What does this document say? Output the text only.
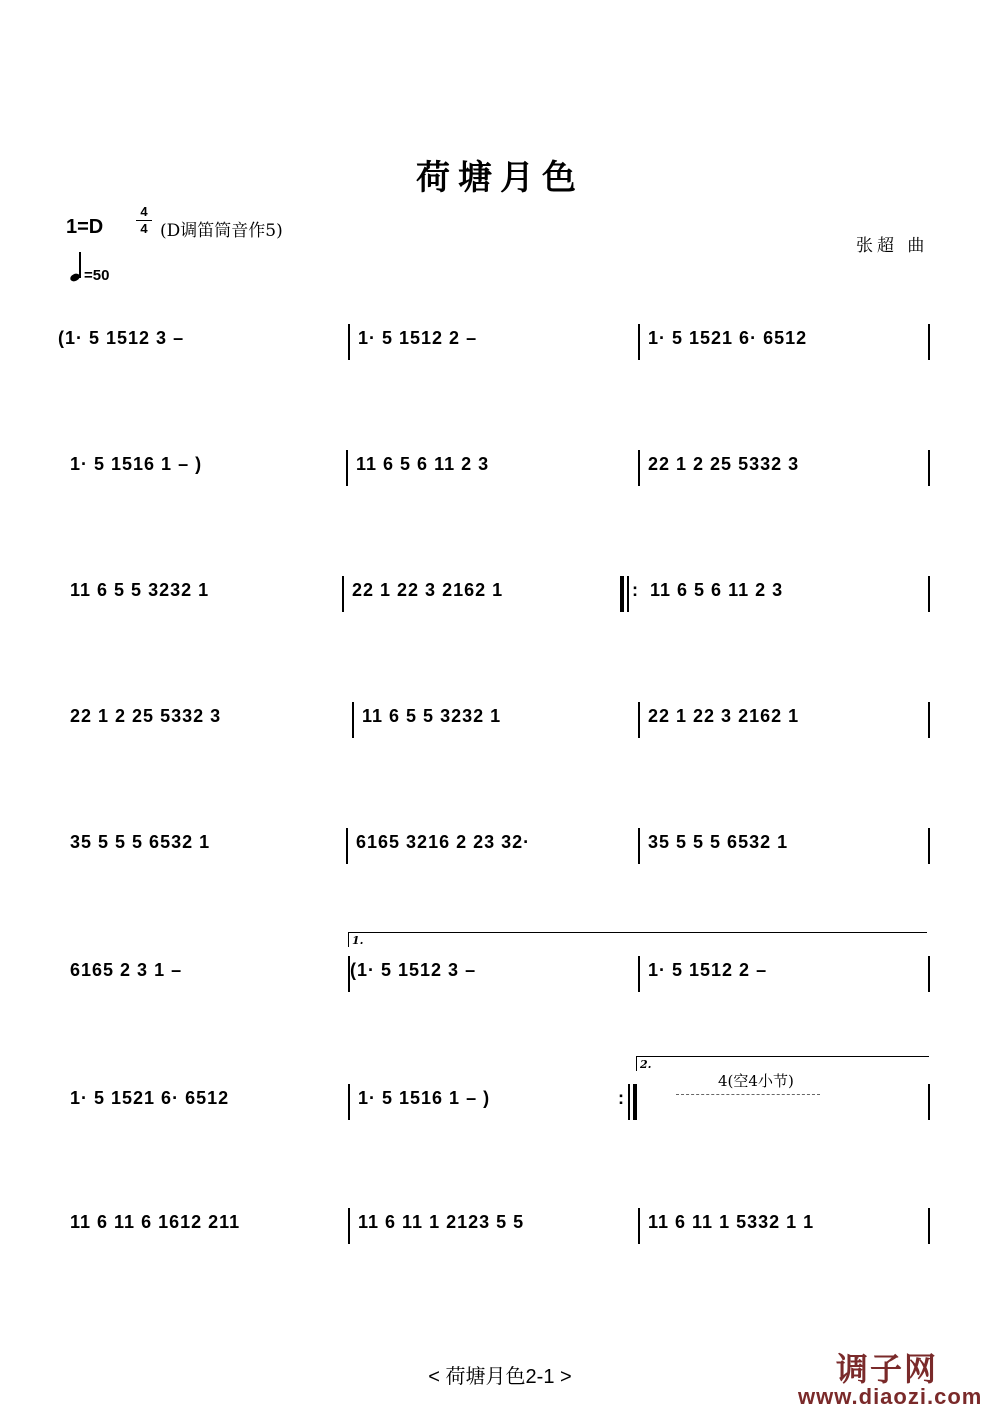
荷塘月色
1=D
4
4 (D调笛筒音作5)
张超 曲
=50
(1· 5 1512 3 –	1· 5 1512 2 –	1· 5 1521 6· 6512
1· 5 1516 1 – )	11 6 5 6 11 2 3	22 1 2 25 5332 3
11 6 5 5 3232 1	22 1 22 3 2162 1	: 11 6 5 6 11 2 3
22 1 2 25 5332 3	11 6 5 5 3232 1	22 1 22 3 2162 1
35 5 5 5 6532 1	6165 3216 2 23 32·	35 5 5 5 6532 1
1.
6165 2 3 1 –	(1· 5 1512 3 –	1· 5 1512 2 –
2.
1· 5 1521 6· 6512	1· 5 1516 1 – )	:
4(空4小节)
11 6 11 6 1612 211	11 6 11 1 2123 5 5	11 6 11 1 5332 1 1
< 荷塘月色2-1 >	调子网
www.diaozi.com
